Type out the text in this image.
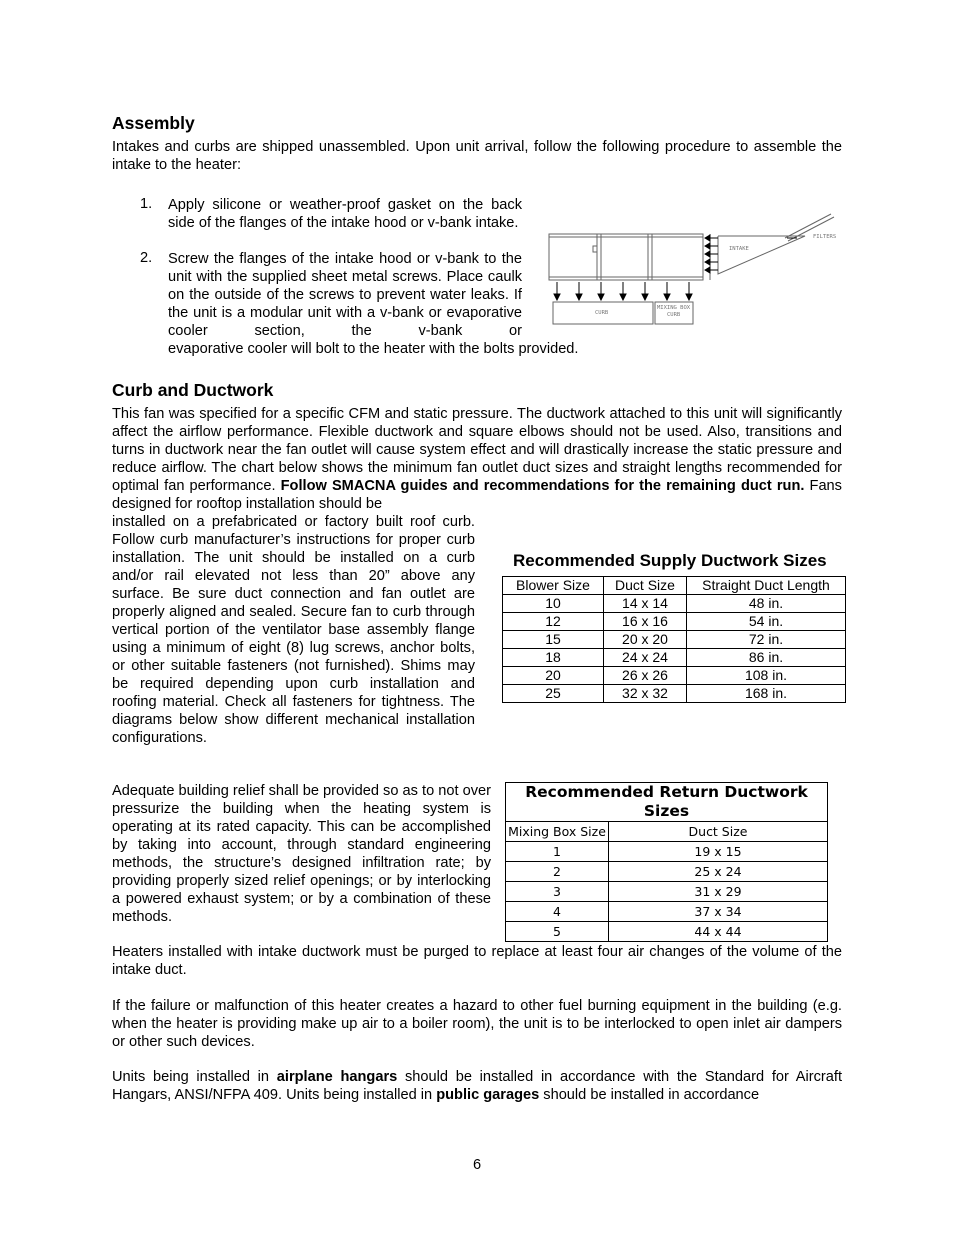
Assembly
Intakes and curbs are shipped unassembled. Upon unit arrival, follow the following procedure to assemble the intake to the heater:
1. Apply silicone or weather-proof gasket on the back side of the flanges of the intake hood or v-bank intake.
2. Screw the flanges of the intake hood or v-bank to the unit with the supplied sheet metal screws. Place caulk on the outside of the screws to prevent water leaks. If the unit is a modular unit with a v-bank or evaporative cooler section, the v-bank or
evaporative cooler will bolt to the heater with the bolts provided.
FILTERS
INTAKE
CURB
MIXING BOX
CURB
Curb and Ductwork
This fan was specified for a specific CFM and static pressure. The ductwork attached to this unit will significantly affect the airflow performance. Flexible ductwork and square elbows should not be used. Also, transitions and turns in ductwork near the fan outlet will cause system effect and will drastically increase the static pressure and reduce airflow. The chart below shows the minimum fan outlet duct sizes and straight lengths recommended for optimal fan performance. Follow SMACNA guides and recommendations for the remaining duct run. Fans designed for rooftop installation should be
installed on a prefabricated or factory built roof curb. Follow curb manufacturer’s instructions for proper curb installation. The unit should be installed on a curb and/or rail elevated not less than 20” above any surface. Be sure duct connection and fan outlet are properly aligned and sealed. Secure fan to curb through vertical portion of the ventilator base assembly flange using a minimum of eight (8) lug screws, anchor bolts, or other suitable fasteners (not furnished). Shims may be required depending upon curb installation and roofing material. Check all fasteners for tightness. The diagrams below show different mechanical installation configurations.
Recommended Supply Ductwork Sizes
Blower Size	Duct Size	Straight Duct Length
10	14 x 14	48 in.
12	16 x 16	54 in.
15	20 x 20	72 in.
18	24 x 24	86 in.
20	26 x 26	108 in.
25	32 x 32	168 in.
Adequate building relief shall be provided so as to not over pressurize the building when the heating system is operating at its rated capacity. This can be accomplished by taking into account, through standard engineering methods, the structure’s designed infiltration rate; by providing properly sized relief openings; or by interlocking a powered exhaust system; or by a combination of these methods.
Recommended Return Ductwork Sizes	
Mixing Box Size	Duct Size
1	19 x 15
2	25 x 24
3	31 x 29
4	37 x 34
5	44 x 44
Heaters installed with intake ductwork must be purged to replace at least four air changes of the volume of the intake duct.
If the failure or malfunction of this heater creates a hazard to other fuel burning equipment in the building (e.g. when the heater is providing make up air to a boiler room), the unit is to be interlocked to open inlet air dampers or other such devices.
Units being installed in airplane hangars should be installed in accordance with the Standard for Aircraft Hangars, ANSI/NFPA 409. Units being installed in public garages should be installed in accordance
6
